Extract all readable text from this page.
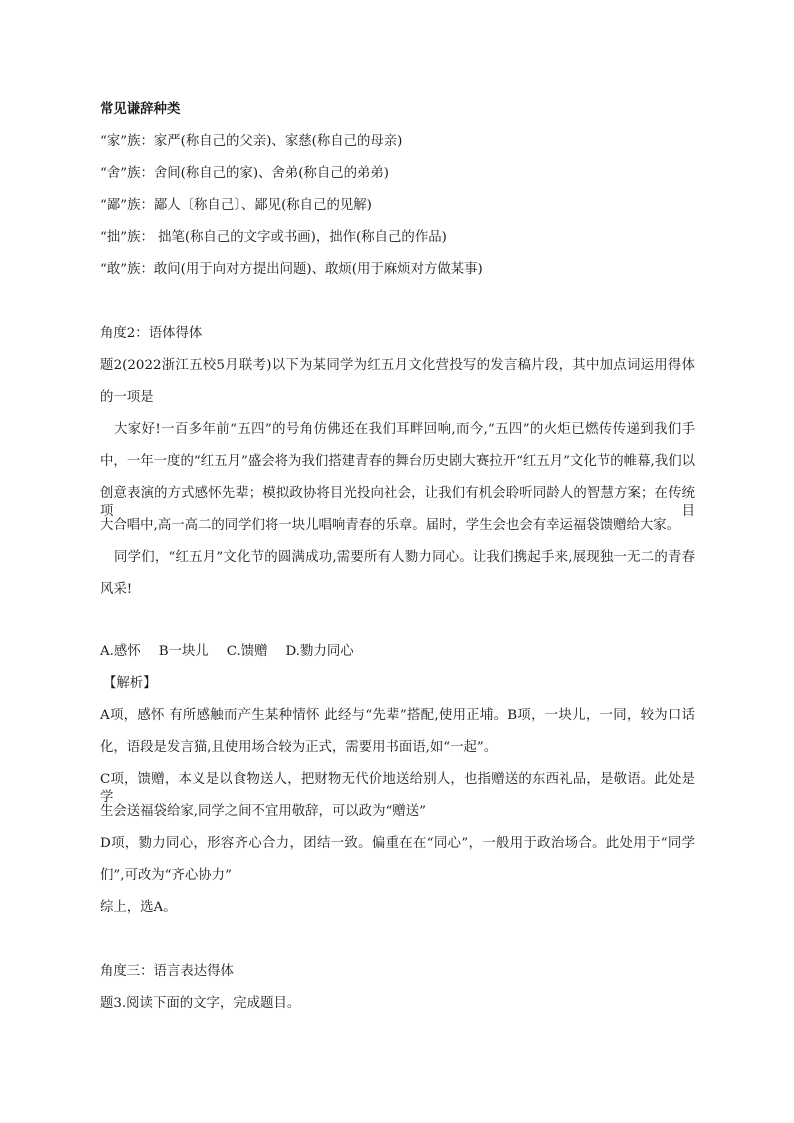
常见谦辞种类
“家”族：家严(称自己的父亲)、家慈(称自己的母亲)
“舍”族：舍间(称自己的家)、舍弟(称自己的弟弟)
“鄙”族：鄙人〔称自己〕、鄙见(称自己的见解)
“拙”族： 拙笔(称自己的文字或书画)，拙作(称自己的作品)
“敢”族：敢问(用于向对方提出问题)、敢烦(用于麻烦对方做某事)
角度2：语体得体
题2(2022浙江五校5月联考)以下为某同学为红五月文化营投写的发言稿片段，其中加点词运用得体
的一项是
大家好!一百多年前“五四”的号角仿佛还在我们耳畔回响,而今,“五四”的火炬已燃传传递到我们手
中，一年一度的“红五月”盛会将为我们搭建青春的舞台历史剧大赛拉开“红五月”文化节的帷幕,我们以
创意表演的方式感怀先辈；模拟政协将目光投向社会，让我们有机会聆听同龄人的智慧方案；在传统项目
大合唱中,高一高二的同学们将一块儿唱响青春的乐章。届时，学生会也会有幸运福袋馈赠给大家。
同学们，“红五月”文化节的圆满成功,需要所有人勠力同心。让我们携起手来,展现独一无二的青春
风采!
A.感怀 B一块儿 C.馈赠 D.勠力同心
【解析】
A项，感怀 有所感触而产生某种情怀 此经与“先辈”搭配,使用正埔。B项，一块儿，一同，较为口话
化，语段是发言猫,且使用场合较为正式，需要用书面语,如“一起”。
C项，馈赠，本义是以食物送人，把财物无代价地送给别人，也指赠送的东西礼品，是敬语。此处是学
生会送福袋给家,同学之间不宜用敬辞，可以政为“赠送”
D项，勠力同心，形容齐心合力，团结一致。偏重在在“同心”，一般用于政治场合。此处用于“同学
们”,可改为“齐心协力”
综上，选A。
角度三：语言表达得体
题3.阅读下面的文字，完成题目。
